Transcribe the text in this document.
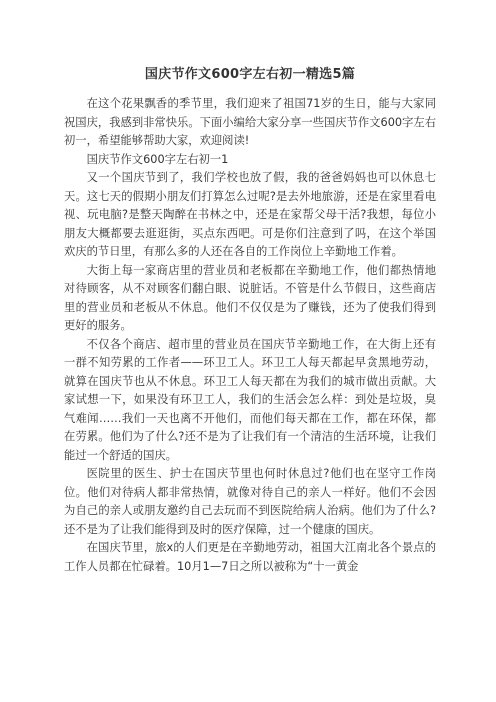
国庆节作文600字左右初一精选5篇

在这个花果飘香的季节里，我们迎来了祖国71岁的生日，能与大家同祝国庆，我感到非常快乐。下面小编给大家分享一些国庆节作文600字左右初一，希望能够帮助大家，欢迎阅读!

国庆节作文600字左右初一1

又一个国庆节到了，我们学校也放了假，我的爸爸妈妈也可以休息七天。这七天的假期小朋友们打算怎么过呢?是去外地旅游，还是在家里看电视、玩电脑?是整天陶醉在书林之中，还是在家帮父母干活?我想，每位小朋友大概都要去逛逛街，买点东西吧。可是你们注意到了吗，在这个举国欢庆的节日里，有那么多的人还在各自的工作岗位上辛勤地工作着。

大街上每一家商店里的营业员和老板都在辛勤地工作，他们都热情地对待顾客，从不对顾客们翻白眼、说脏话。不管是什么节假日，这些商店里的营业员和老板从不休息。他们不仅仅是为了赚钱，还为了使我们得到更好的服务。

不仅各个商店、超市里的营业员在国庆节辛勤地工作，在大街上还有一群不知劳累的工作者——环卫工人。环卫工人每天都起早贪黑地劳动，就算在国庆节也从不休息。环卫工人每天都在为我们的城市做出贡献。大家试想一下，如果没有环卫工人，我们的生活会怎么样：到处是垃圾，臭气难闻……我们一天也离不开他们，而他们每天都在工作，都在环保，都在劳累。他们为了什么?还不是为了让我们有一个清洁的生活环境，让我们能过一个舒适的国庆。

医院里的医生、护士在国庆节里也何时休息过?他们也在坚守工作岗位。他们对待病人都非常热情，就像对待自己的亲人一样好。他们不会因为自己的亲人或朋友邀约自己去玩而不到医院给病人治病。他们为了什么?还不是为了让我们能得到及时的医疗保障，过一个健康的国庆。

在国庆节里，旅x的人们更是在辛勤地劳动，祖国大江南北各个景点的工作人员都在忙碌着。10月1—7日之所以被称为“十一黄金
